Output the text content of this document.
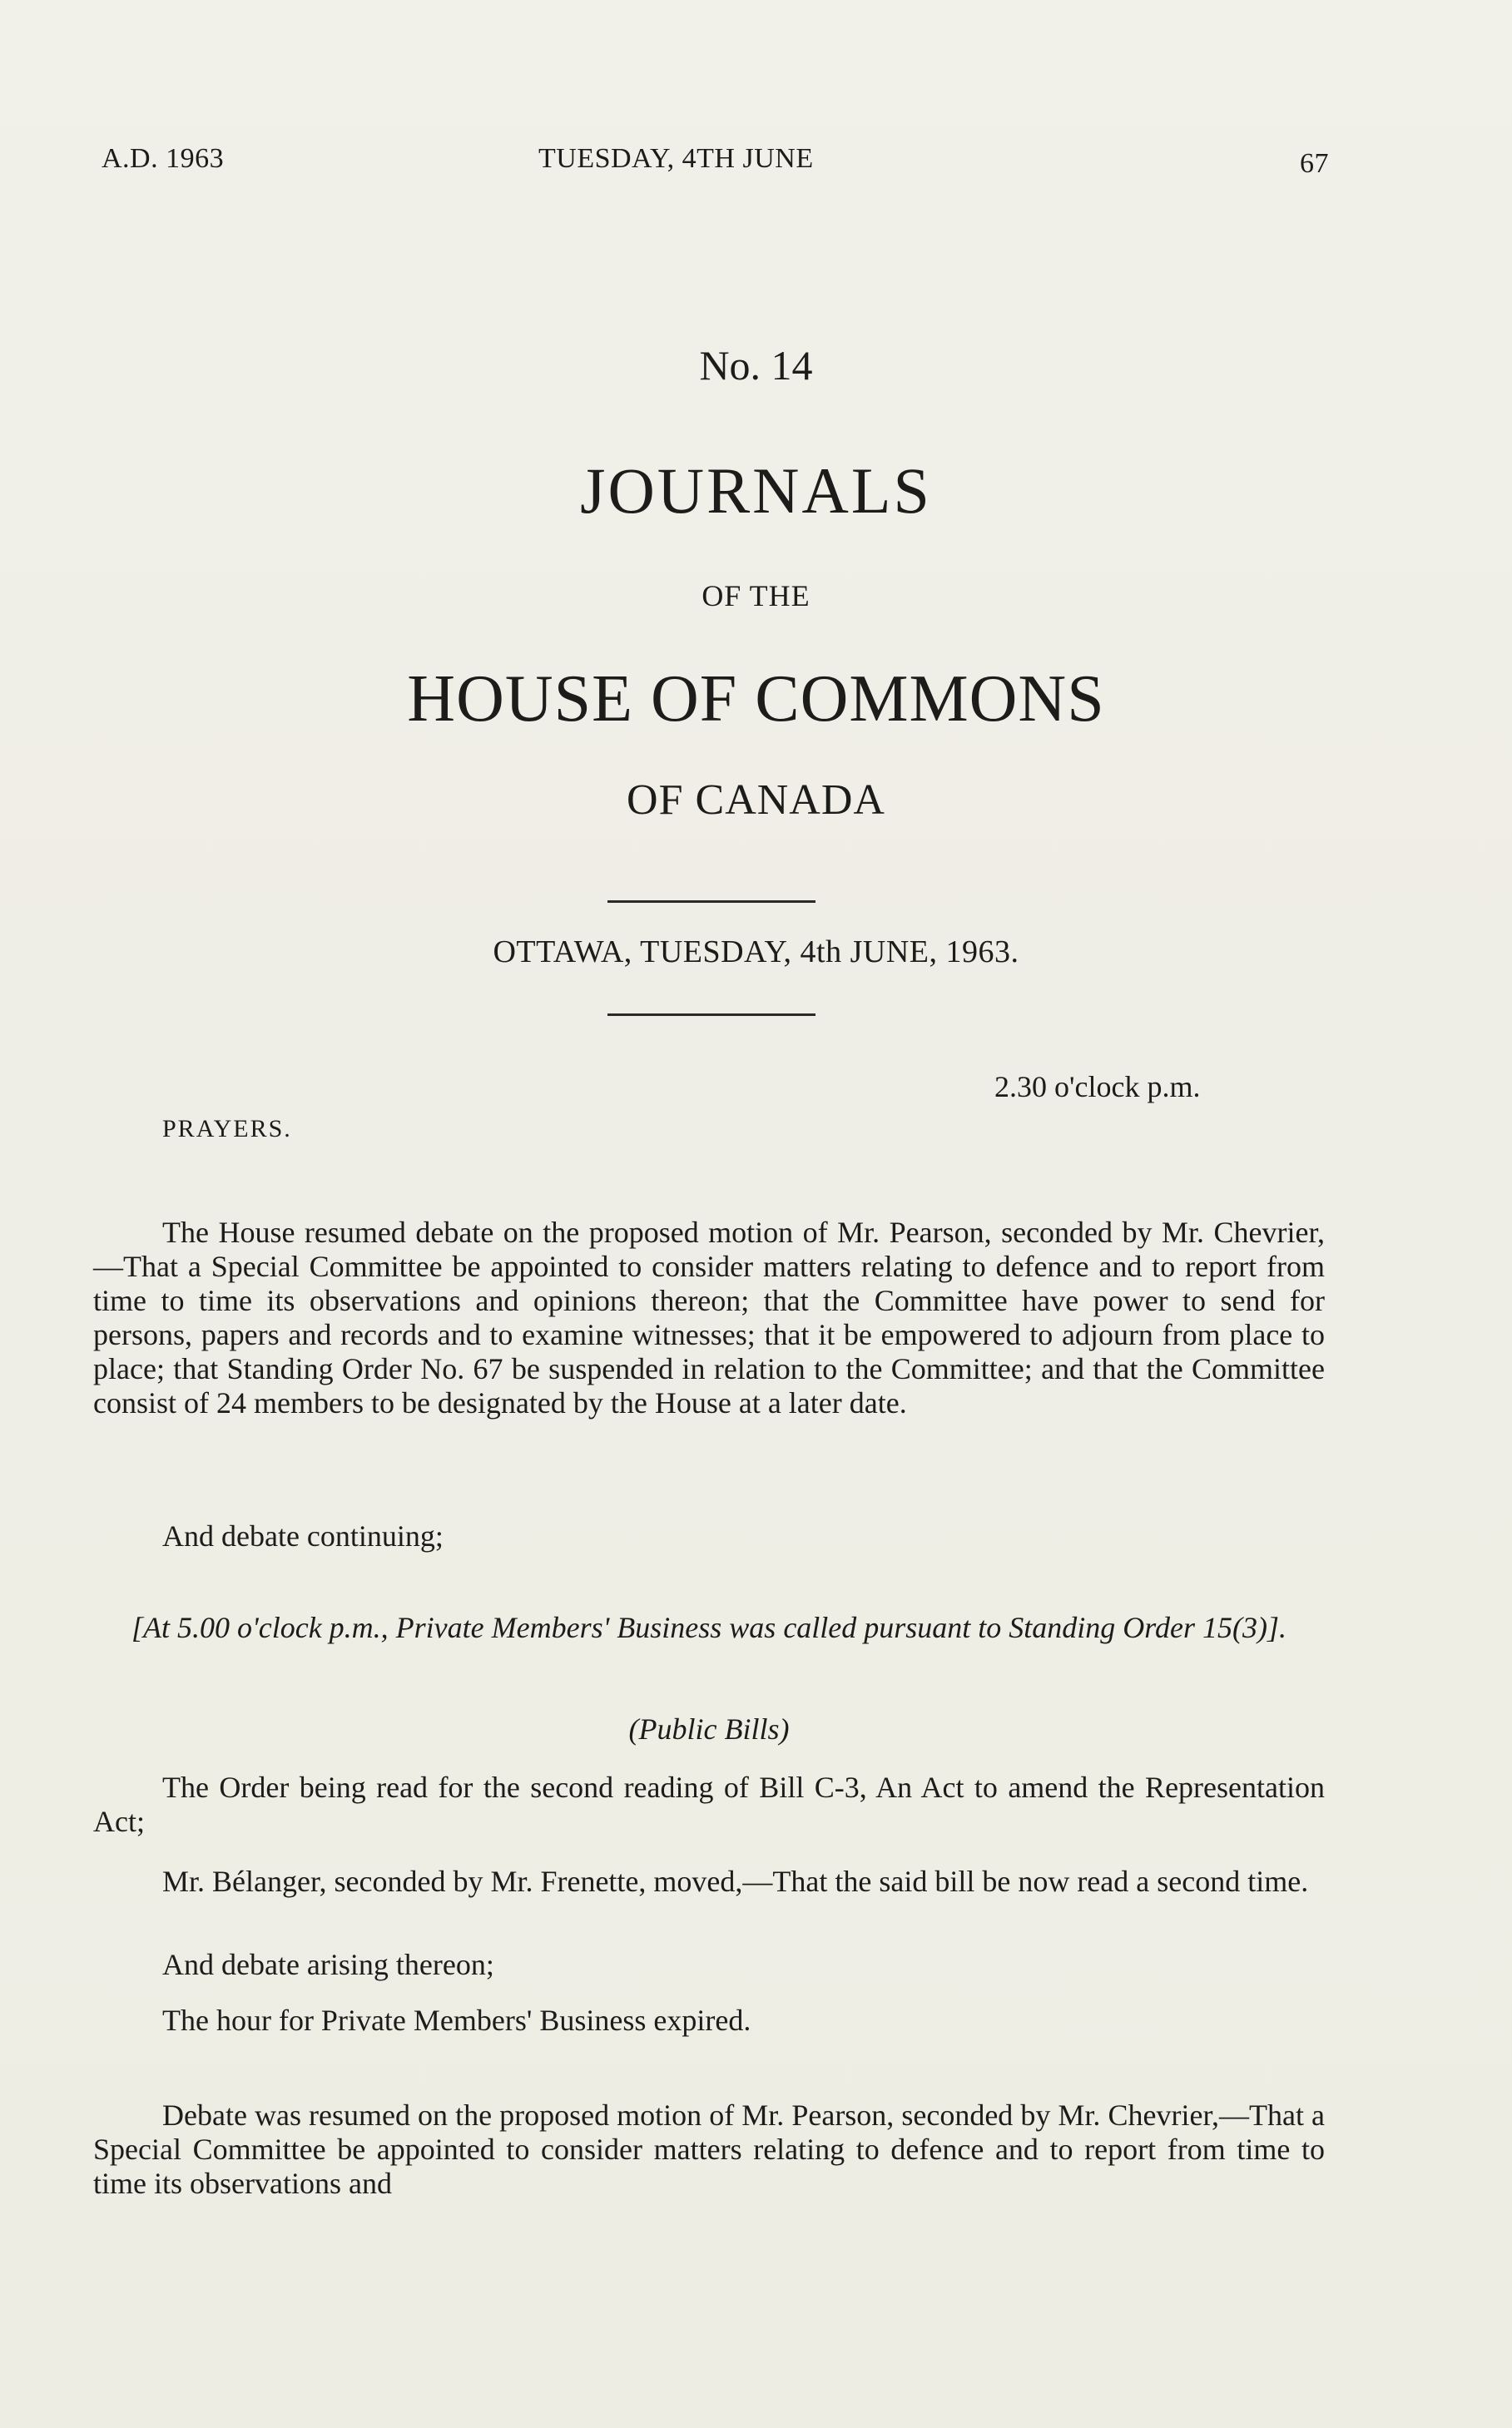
A.D. 1963	TUESDAY, 4TH JUNE	67
No. 14
JOURNALS
OF THE
HOUSE OF COMMONS
OF CANADA
OTTAWA, TUESDAY, 4th JUNE, 1963.
2.30 o'clock p.m.
PRAYERS.

The House resumed debate on the proposed motion of Mr. Pearson, seconded by Mr. Chevrier,—That a Special Committee be appointed to consider matters relating to defence and to report from time to time its observations and opinions thereon; that the Committee have power to send for persons, papers and records and to examine witnesses; that it be empowered to adjourn from place to place; that Standing Order No. 67 be suspended in relation to the Committee; and that the Committee consist of 24 members to be designated by the House at a later date.

And debate continuing;

[At 5.00 o'clock p.m., Private Members' Business was called pursuant to Standing Order 15(3)].

(Public Bills)

The Order being read for the second reading of Bill C-3, An Act to amend the Representation Act;

Mr. Bélanger, seconded by Mr. Frenette, moved,—That the said bill be now read a second time.

And debate arising thereon;

The hour for Private Members' Business expired.

Debate was resumed on the proposed motion of Mr. Pearson, seconded by Mr. Chevrier,—That a Special Committee be appointed to consider matters relating to defence and to report from time to time its observations and
